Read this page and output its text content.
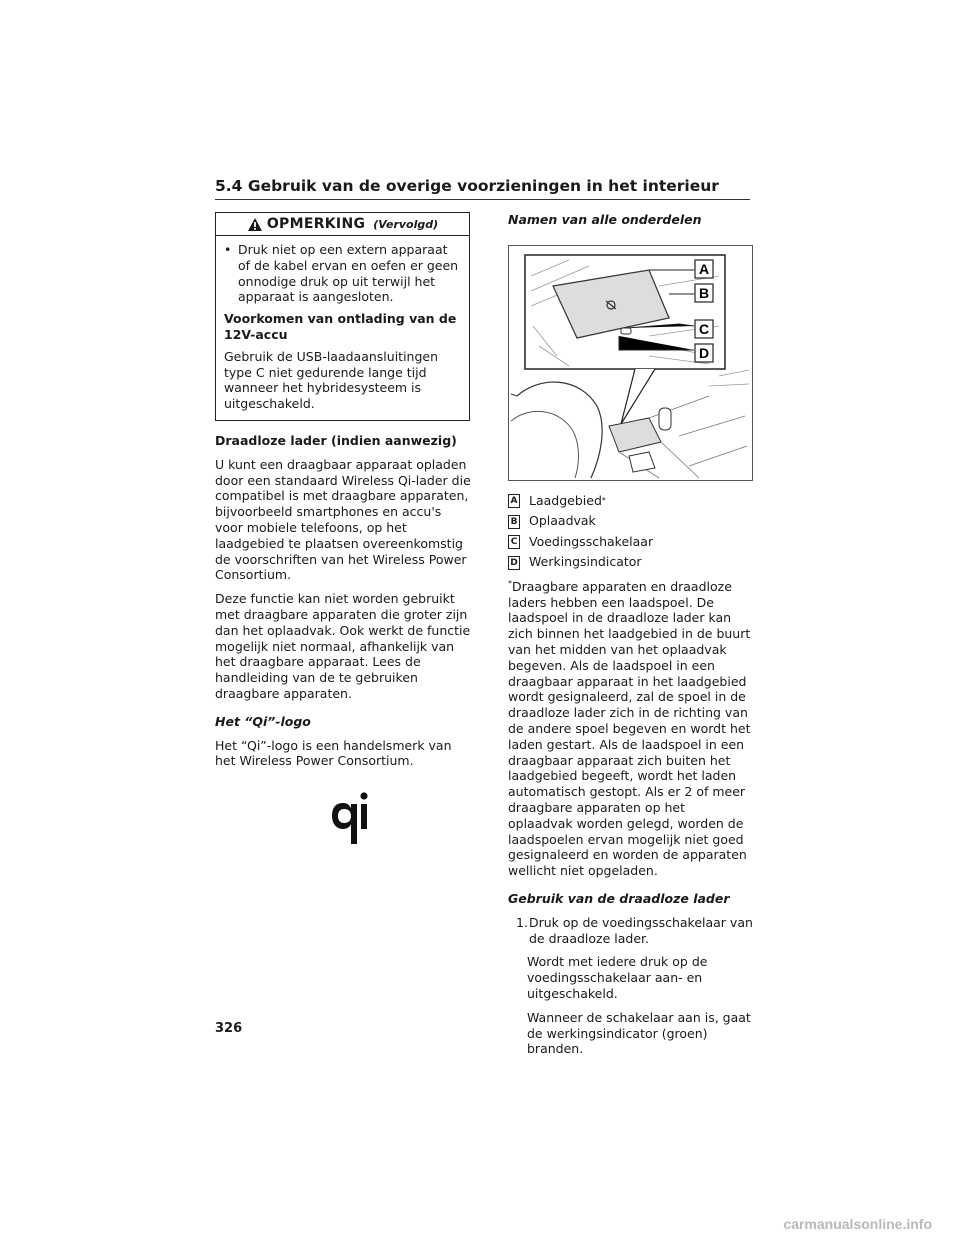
5.4 Gebruik van de overige voorzieningen in het interieur
OPMERKING (Vervolgd)
• Druk niet op een extern apparaat of de kabel ervan en oefen er geen onnodige druk op uit terwijl het apparaat is aangesloten.

Voorkomen van ontlading van de 12V-accu

Gebruik de USB-laadaansluitingen type C niet gedurende lange tijd wanneer het hybridesysteem is uitgeschakeld.

Draadloze lader (indien aanwezig)

U kunt een draagbaar apparaat opladen door een standaard Wireless Qi-lader die compatibel is met draagbare apparaten, bijvoorbeeld smartphones en accu's voor mobiele telefoons, op het laadgebied te plaatsen overeenkomstig de voorschriften van het Wireless Power Consortium.

Deze functie kan niet worden gebruikt met draagbare apparaten die groter zijn dan het oplaadvak. Ook werkt de functie mogelijk niet normaal, afhankelijk van het draagbare apparaat. Lees de handleiding van de te gebruiken draagbare apparaten.

Het “Qi”-logo

Het “Qi”-logo is een handelsmerk van het Wireless Power Consortium.

Namen van alle onderdelen

A
B
C
D
A Laadgebied *
B Oplaadvak
C Voedingsschakelaar
D Werkingsindicator

*Draagbare apparaten en draadloze laders hebben een laadspoel. De laadspoel in de draadloze lader kan zich binnen het laadgebied in de buurt van het midden van het oplaadvak begeven. Als de laadspoel in een draagbaar apparaat in het laadgebied wordt gesignaleerd, zal de spoel in de draadloze lader zich in de richting van de andere spoel begeven en wordt het laden gestart. Als de laadspoel in een draagbaar apparaat zich buiten het laadgebied begeeft, wordt het laden automatisch gestopt. Als er 2 of meer draagbare apparaten op het oplaadvak worden gelegd, worden de laadspoelen ervan mogelijk niet goed gesignaleerd en worden de apparaten wellicht niet opgeladen.

Gebruik van de draadloze lader

1. Druk op de voedingsschakelaar van de draadloze lader.

Wordt met iedere druk op de voedingsschakelaar aan- en uitgeschakeld.

Wanneer de schakelaar aan is, gaat de werkingsindicator (groen) branden.

326
carmanualsonline.info
